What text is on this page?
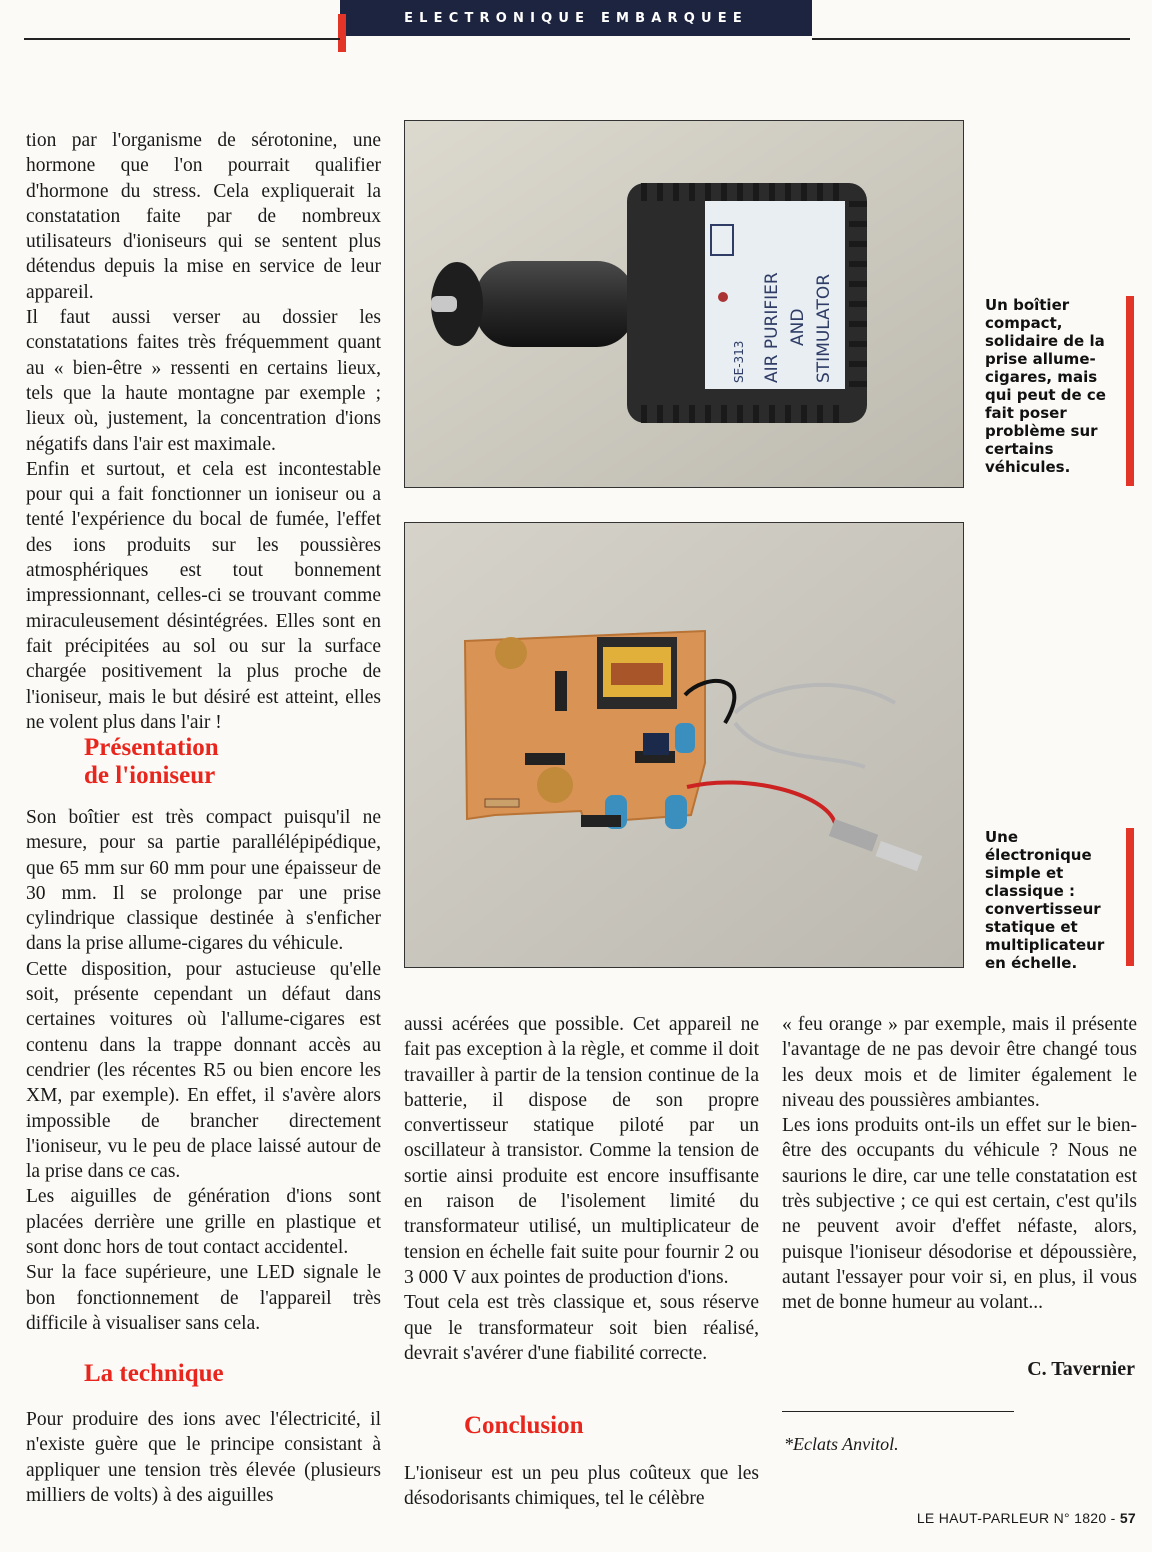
ELECTRONIQUE EMBARQUEE

tion par l'organisme de sérotonine, une hormone que l'on pourrait qualifier d'hormone du stress. Cela expliquerait la constatation faite par de nombreux utilisateurs d'ioniseurs qui se sentent plus détendus depuis la mise en service de leur appareil.

Il faut aussi verser au dossier les constatations faites très fréquemment quant au « bien-être » ressenti en certains lieux, tels que la haute montagne par exemple ; lieux où, justement, la concentration d'ions négatifs dans l'air est maximale.

Enfin et surtout, et cela est incontestable pour qui a fait fonctionner un ioniseur ou a tenté l'expérience du bocal de fumée, l'effet des ions produits sur les poussières atmosphériques est tout bonnement impressionnant, celles-ci se trouvant comme miraculeusement désintégrées. Elles sont en fait précipitées au sol ou sur la surface chargée positivement la plus proche de l'ioniseur, mais le but désiré est atteint, elles ne volent plus dans l'air !

Présentation
de l'ioniseur

Son boîtier est très compact puisqu'il ne mesure, pour sa partie parallélépipédique, que 65 mm sur 60 mm pour une épaisseur de 30 mm. Il se prolonge par une prise cylindrique classique destinée à s'enficher dans la prise allume-cigares du véhicule.

Cette disposition, pour astucieuse qu'elle soit, présente cependant un défaut dans certaines voitures où l'allume-cigares est contenu dans la trappe donnant accès au cendrier (les récentes R5 ou bien encore les XM, par exemple). En effet, il s'avère alors impossible de brancher directement l'ioniseur, vu le peu de place laissé autour de la prise dans ce cas.

Les aiguilles de génération d'ions sont placées derrière une grille en plastique et sont donc hors de tout contact accidentel.

Sur la face supérieure, une LED signale le bon fonctionnement de l'appareil très difficile à visualiser sans cela.

La technique

Pour produire des ions avec l'électricité, il n'existe guère que le principe consistant à appliquer une tension très élevée (plusieurs milliers de volts) à des aiguilles

SE-313 AIR PURIFIER AND STIMULATOR	Un boîtier compact, solidaire de la prise allume-cigares, mais qui peut de ce fait poser problème sur certains véhicules.
Une électronique simple et classique : convertisseur statique et multiplicateur en échelle.

aussi acérées que possible. Cet appareil ne fait pas exception à la règle, et comme il doit travailler à partir de la tension continue de la batterie, il dispose de son propre convertisseur statique piloté par un oscillateur à transistor. Comme la tension de sortie ainsi produite est encore insuffisante en raison de l'isolement limité du transformateur utilisé, un multiplicateur de tension en échelle fait suite pour fournir 2 ou 3 000 V aux pointes de production d'ions.

Tout cela est très classique et, sous réserve que le transformateur soit bien réalisé, devrait s'avérer d'une fiabilité correcte.

Conclusion

L'ioniseur est un peu plus coûteux que les désodorisants chimiques, tel le célèbre

« feu orange » par exemple, mais il présente l'avantage de ne pas devoir être changé tous les deux mois et de limiter également le niveau des poussières ambiantes.

Les ions produits ont-ils un effet sur le bien-être des occupants du véhicule ? Nous ne saurions le dire, car une telle constatation est très subjective ; ce qui est certain, c'est qu'ils ne peuvent avoir d'effet néfaste, alors, puisque l'ioniseur désodorise et dépoussière, autant l'essayer pour voir si, en plus, il vous met de bonne humeur au volant...

C. Tavernier
*Eclats Anvitol.
LE HAUT-PARLEUR N° 1820 - 57
